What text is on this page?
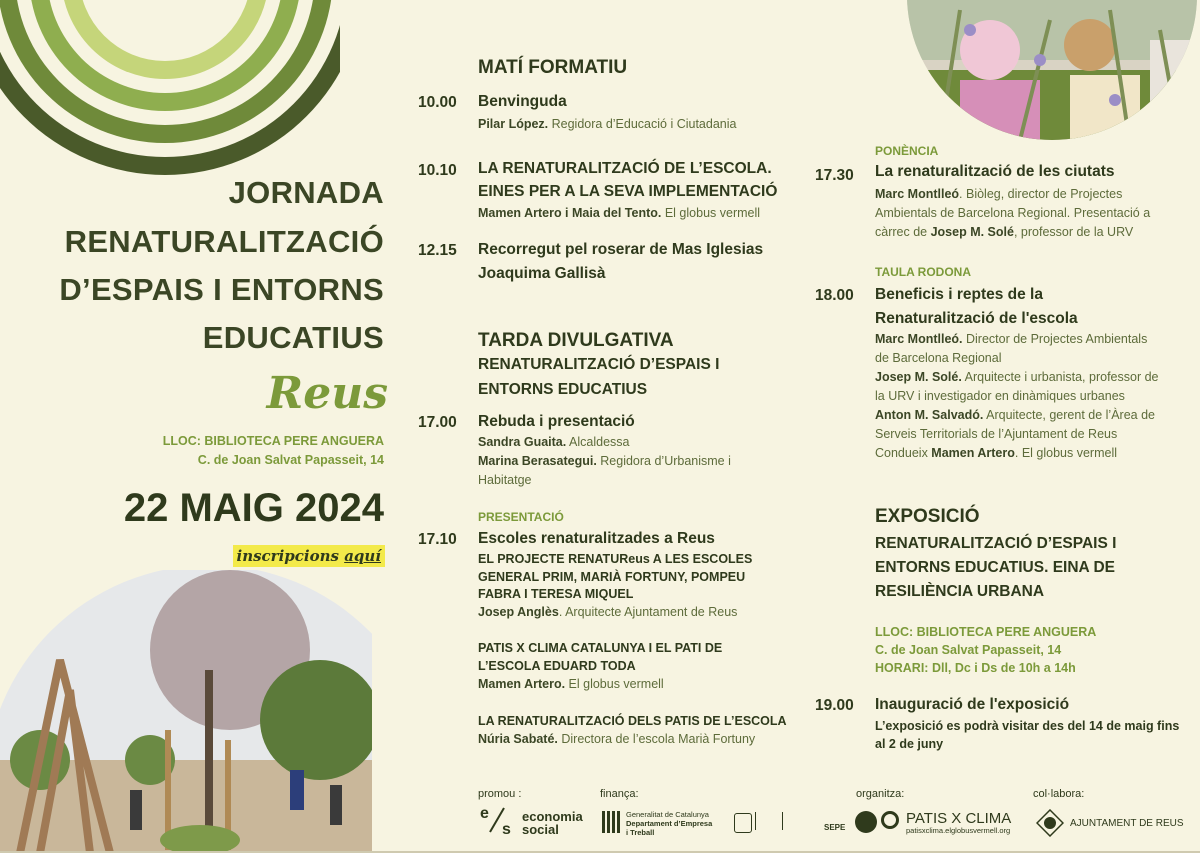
JORNADA
RENATURALITZACIÓ
D’ESPAIS I ENTORNS
EDUCATIUS
Reus
LLOC: BIBLIOTECA PERE ANGUERA
C. de Joan Salvat Papasseit, 14
22 MAIG 2024
inscripcions aquí
MATÍ FORMATIU
10.00 Benvinguda
Pilar López. Regidora d’Educació i Ciutadania
10.10 LA RENATURALITZACIÓ DE L’ESCOLA.
EINES PER A LA SEVA IMPLEMENTACIÓ
Mamen Artero i Maia del Tento. El globus vermell
12.15 Recorregut pel roserar de Mas Iglesias
Joaquima Gallisà
TARDA DIVULGATIVA
RENATURALITZACIÓ D’ESPAIS I
ENTORNS EDUCATIUS
17.00 Rebuda i presentació
Sandra Guaita. Alcaldessa
Marina Berasategui. Regidora d’Urbanisme i
Habitatge
PRESENTACIÓ
17.10 Escoles renaturalitzades a Reus
EL PROJECTE RENATUReus A LES ESCOLES
GENERAL PRIM, MARIÀ FORTUNY, POMPEU
FABRA I TERESA MIQUEL
Josep Anglès. Arquitecte Ajuntament de Reus
PATIS X CLIMA CATALUNYA I EL PATI DE
L’ESCOLA EDUARD TODA
Mamen Artero. El globus vermell
LA RENATURALITZACIÓ DELS PATIS DE L’ESCOLA
Núria Sabaté. Directora de l’escola Marià Fortuny
PONÈNCIA
17.30 La renaturalització de les ciutats
Marc Montlleó. Biòleg, director de Projectes
Ambientals de Barcelona Regional. Presentació a
càrrec de Josep M. Solé, professor de la URV
TAULA RODONA
18.00 Beneficis i reptes de la
Renaturalització de l'escola
Marc Montlleó. Director de Projectes Ambientals
de Barcelona Regional
Josep M. Solé. Arquitecte i urbanista, professor de
la URV i investigador en dinàmiques urbanes
Anton M. Salvadó. Arquitecte, gerent de l’Àrea de
Serveis Territorials de l’Ajuntament de Reus
Condueix Mamen Artero. El globus vermell
EXPOSICIÓ
RENATURALITZACIÓ D’ESPAIS I
ENTORNS EDUCATIUS. EINA DE
RESILIÈNCIA URBANA
LLOC: BIBLIOTECA PERE ANGUERA
C. de Joan Salvat Papasseit, 14
HORARI: Dll, Dc i Ds de 10h a 14h
19.00 Inauguració de l'exposició
L’exposició es podrà visitar des del 14 de maig fins
al 2 de juny
promou :	finança:	organitza:	col·labora:
e
s
economia
social
Generalitat de Catalunya
Departament d’Empresa
i Treball
SEPE
PATIS X CLIMA
patisxclima.elglobusvermell.org
AJUNTAMENT DE REUS
